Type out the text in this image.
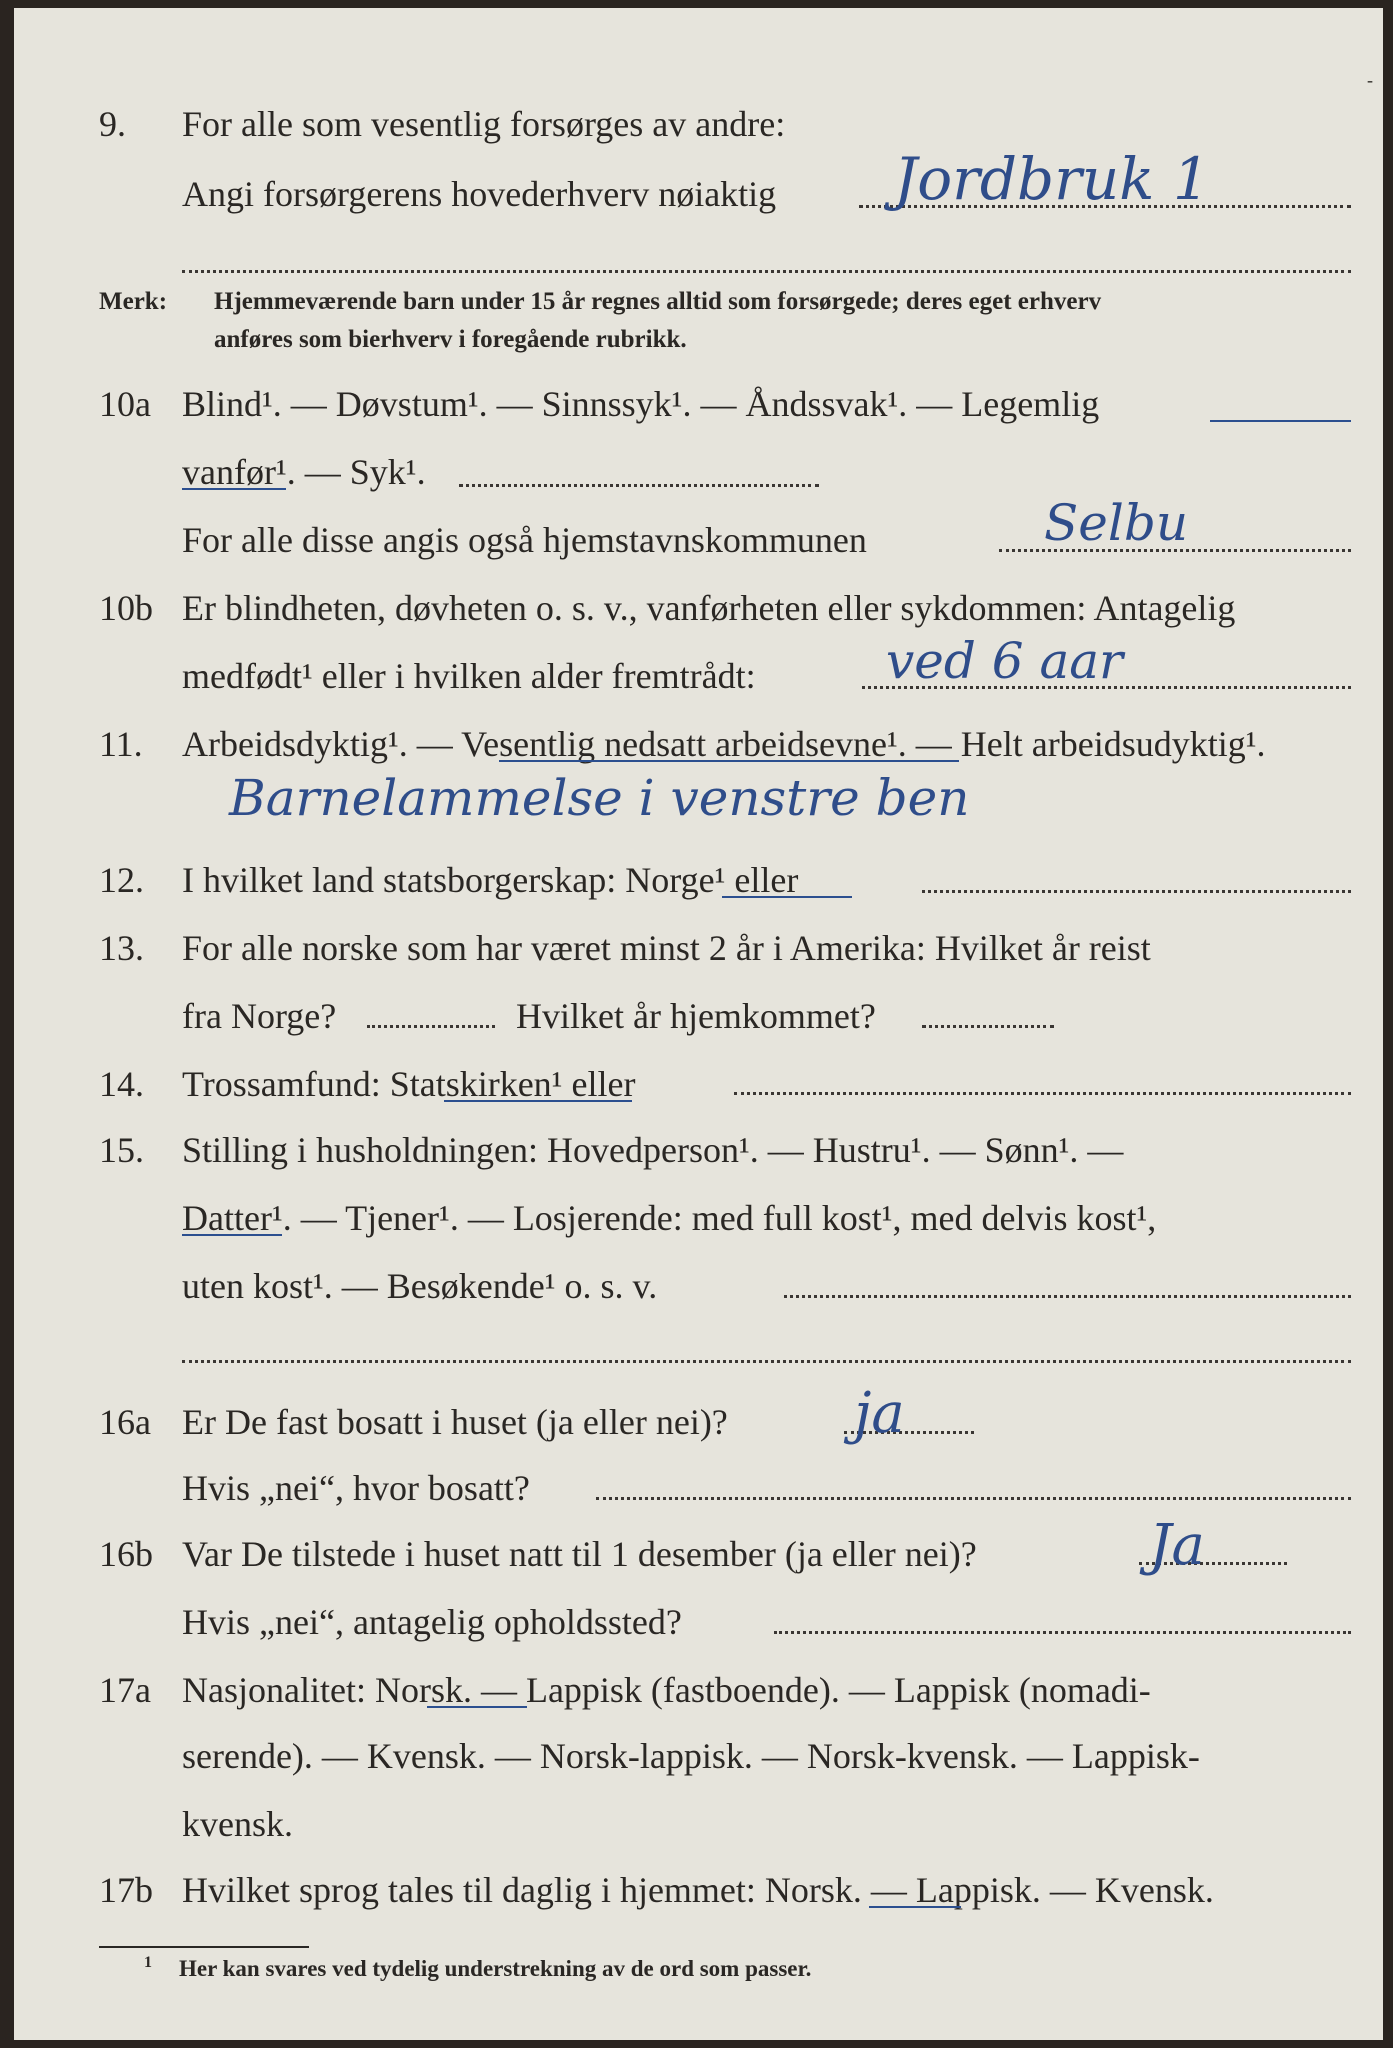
-
9. For alle som vesentlig forsørges av andre:
Angi forsørgerens hovederhverv nøiaktig Jordbruk 1
Merk: Hjemmeværende barn under 15 år regnes alltid som forsørgede; deres eget erhverv
anføres som bierhverv i foregående rubrikk.
10a Blind¹. — Døvstum¹. — Sinnssyk¹. — Åndssvak¹. — Legemlig
vanfør¹. — Syk¹.
For alle disse angis også hjemstavnskommunen	Selbu
10b Er blindheten, døvheten o. s. v., vanførheten eller sykdommen: Antagelig
medfødt¹ eller i hvilken alder fremtrådt:	ved 6 aar
11. Arbeidsdyktig¹. — Vesentlig nedsatt arbeidsevne¹. — Helt arbeidsudyktig¹.
Barnelammelse i venstre ben
12. I hvilket land statsborgerskap: Norge¹ eller
13. For alle norske som har været minst 2 år i Amerika: Hvilket år reist
fra Norge?	Hvilket år hjemkommet?
14. Trossamfund: Statskirken¹ eller
15. Stilling i husholdningen: Hovedperson¹. — Hustru¹. — Sønn¹. —
Datter¹. — Tjener¹. — Losjerende: med full kost¹, med delvis kost¹,
uten kost¹. — Besøkende¹ o. s. v.
16a Er De fast bosatt i huset (ja eller nei)? ja
Hvis „nei“, hvor bosatt?
16b Var De tilstede i huset natt til 1 desember (ja eller nei)?	Ja
Hvis „nei“, antagelig opholdssted?
17a Nasjonalitet: Norsk. — Lappisk (fastboende). — Lappisk (nomadi-
serende). — Kvensk. — Norsk-lappisk. — Norsk-kvensk. — Lappisk-
kvensk.
17b Hvilket sprog tales til daglig i hjemmet: Norsk. — Lappisk. — Kvensk.
1 Her kan svares ved tydelig understrekning av de ord som passer.
